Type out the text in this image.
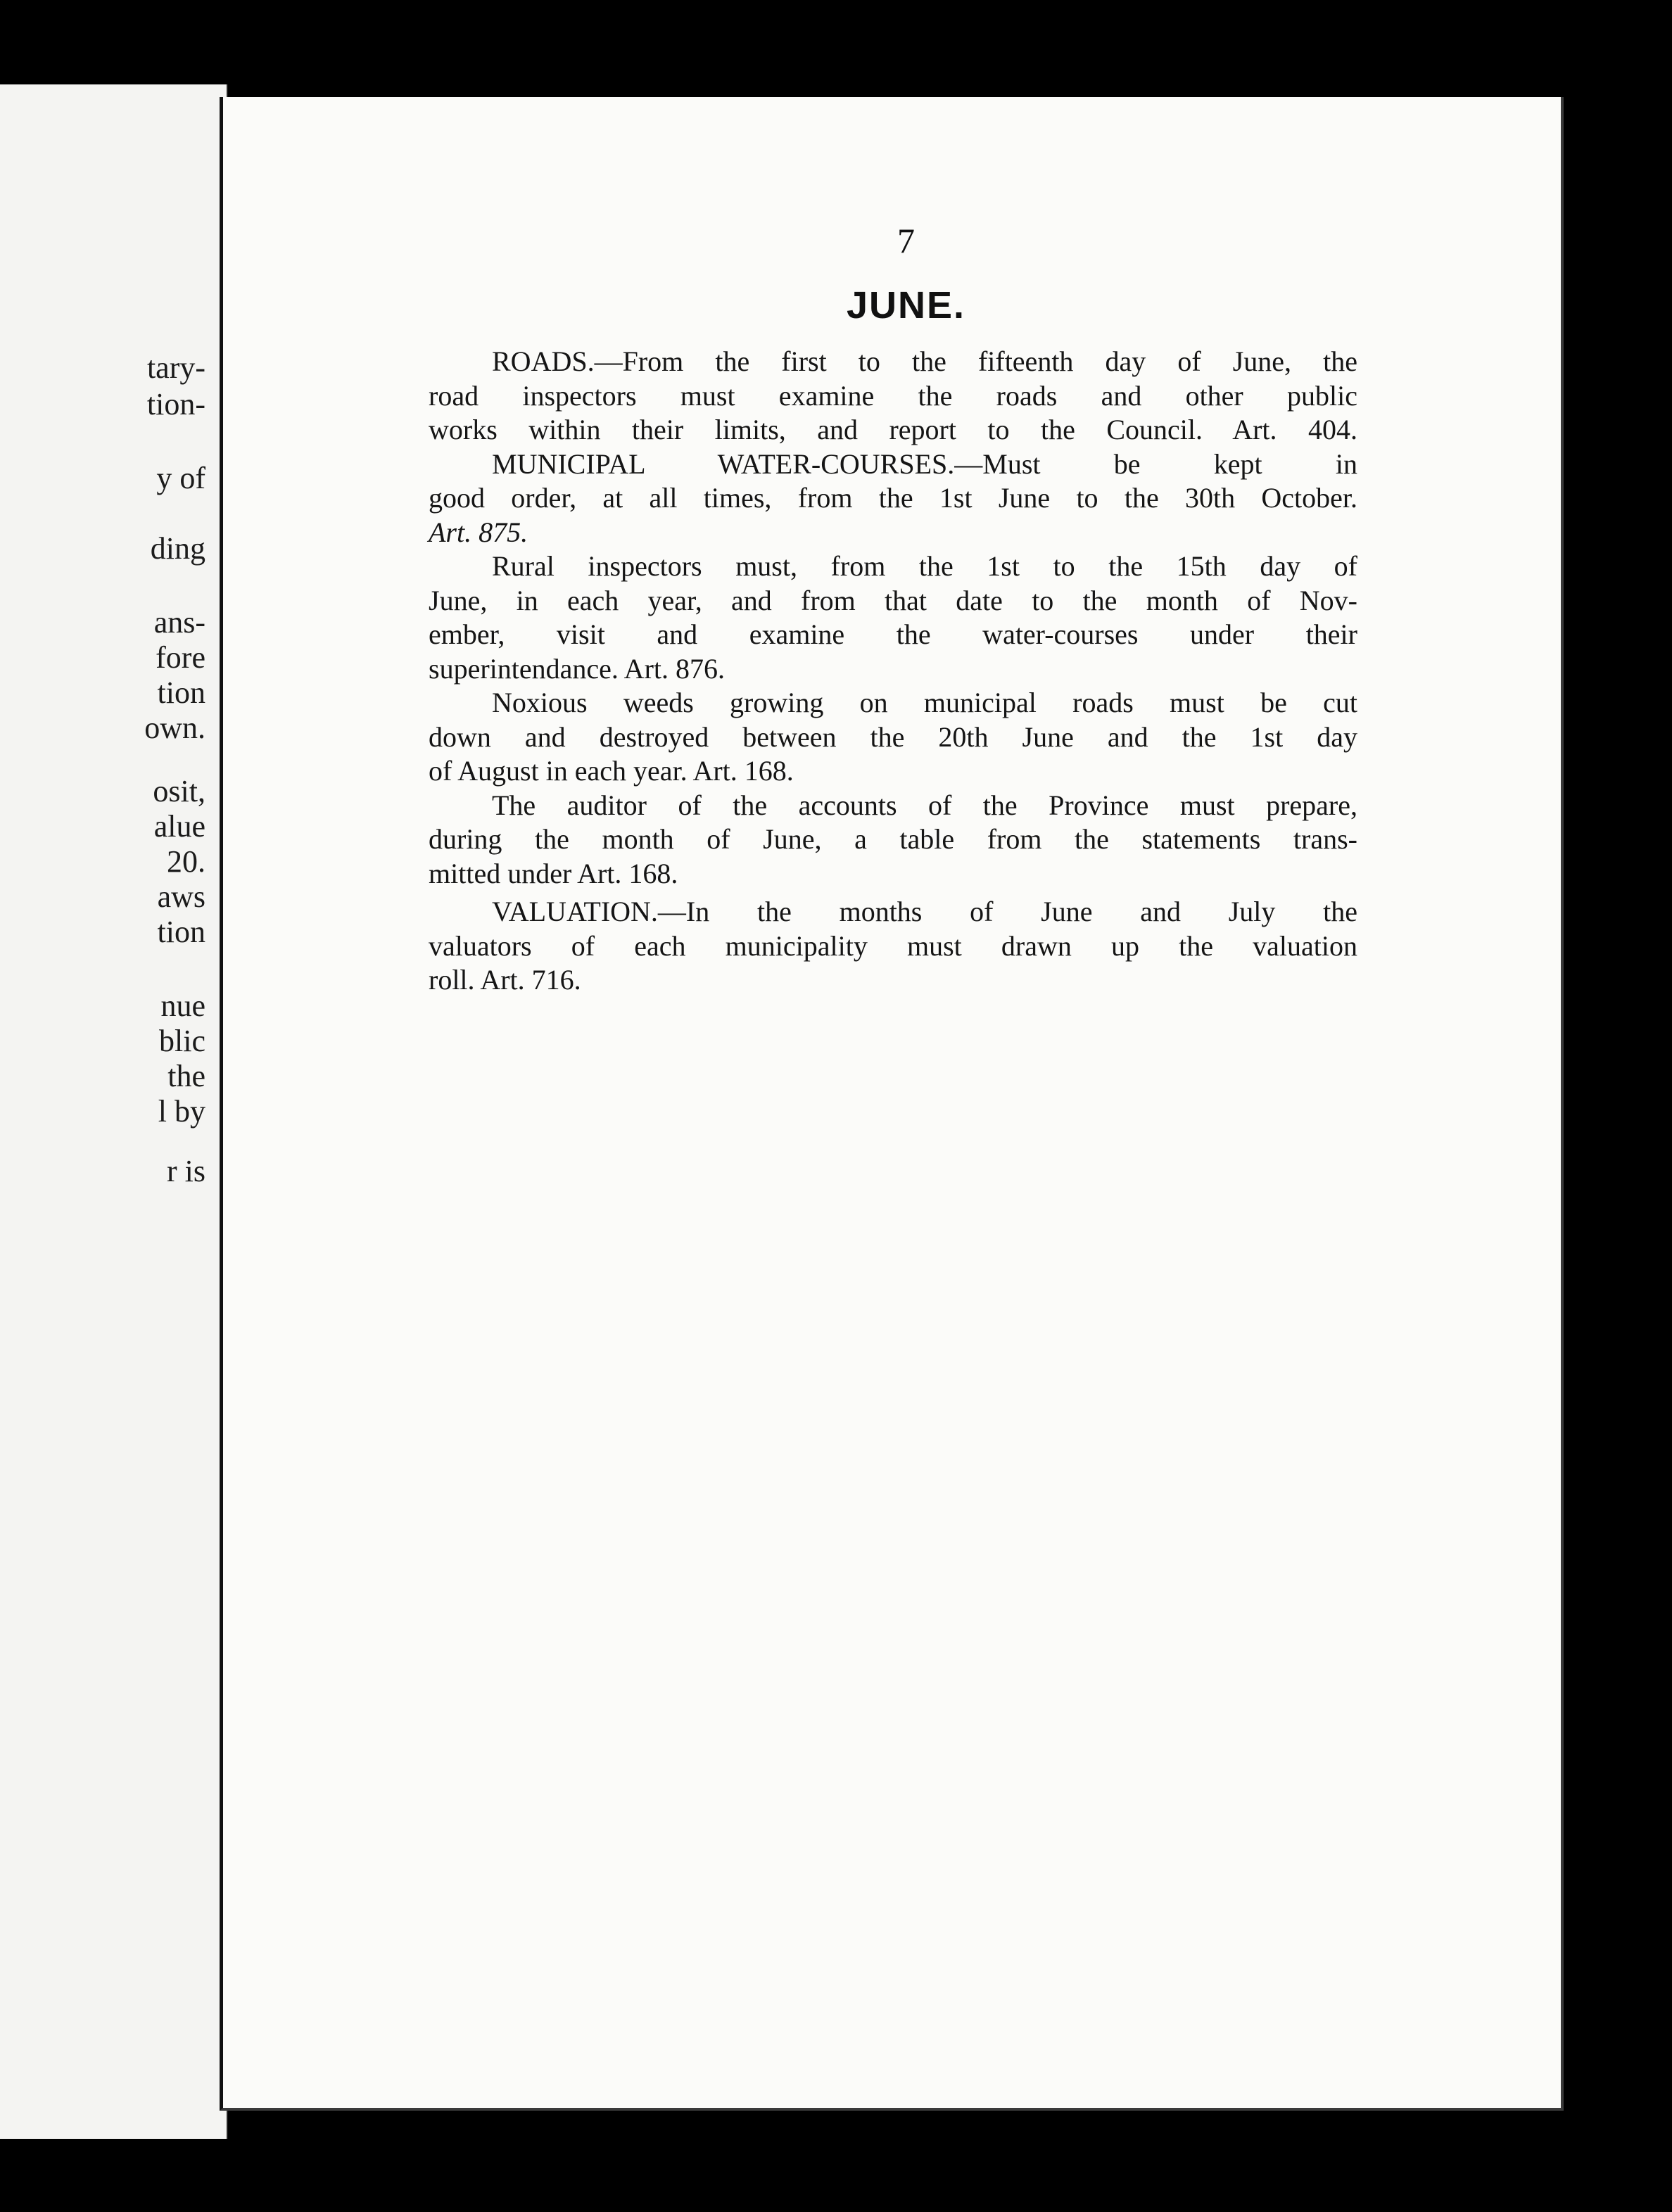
tary-
tion-
y of
ding
ans-
fore
tion
own.
osit,
alue
20.
aws
tion
nue
blic
the
l by
r is
7
JUNE.

ROADS.—From the first to the fifteenth day of June, the
road inspectors must examine the roads and other public
works within their limits, and report to the Council. Art. 404.

MUNICIPAL WATER-COURSES.—Must be kept in
good order, at all times, from the 1st June to the 30th October.
Art. 875.

Rural inspectors must, from the 1st to the 15th day of
June, in each year, and from that date to the month of Nov-
ember, visit and examine the water-courses under their
superintendance. Art. 876.

Noxious weeds growing on municipal roads must be cut
down and destroyed between the 20th June and the 1st day
of August in each year. Art. 168.

The auditor of the accounts of the Province must prepare,
during the month of June, a table from the statements trans-
mitted under Art. 168.

VALUATION.—In the months of June and July the
valuators of each municipality must drawn up the valuation
roll. Art. 716.
